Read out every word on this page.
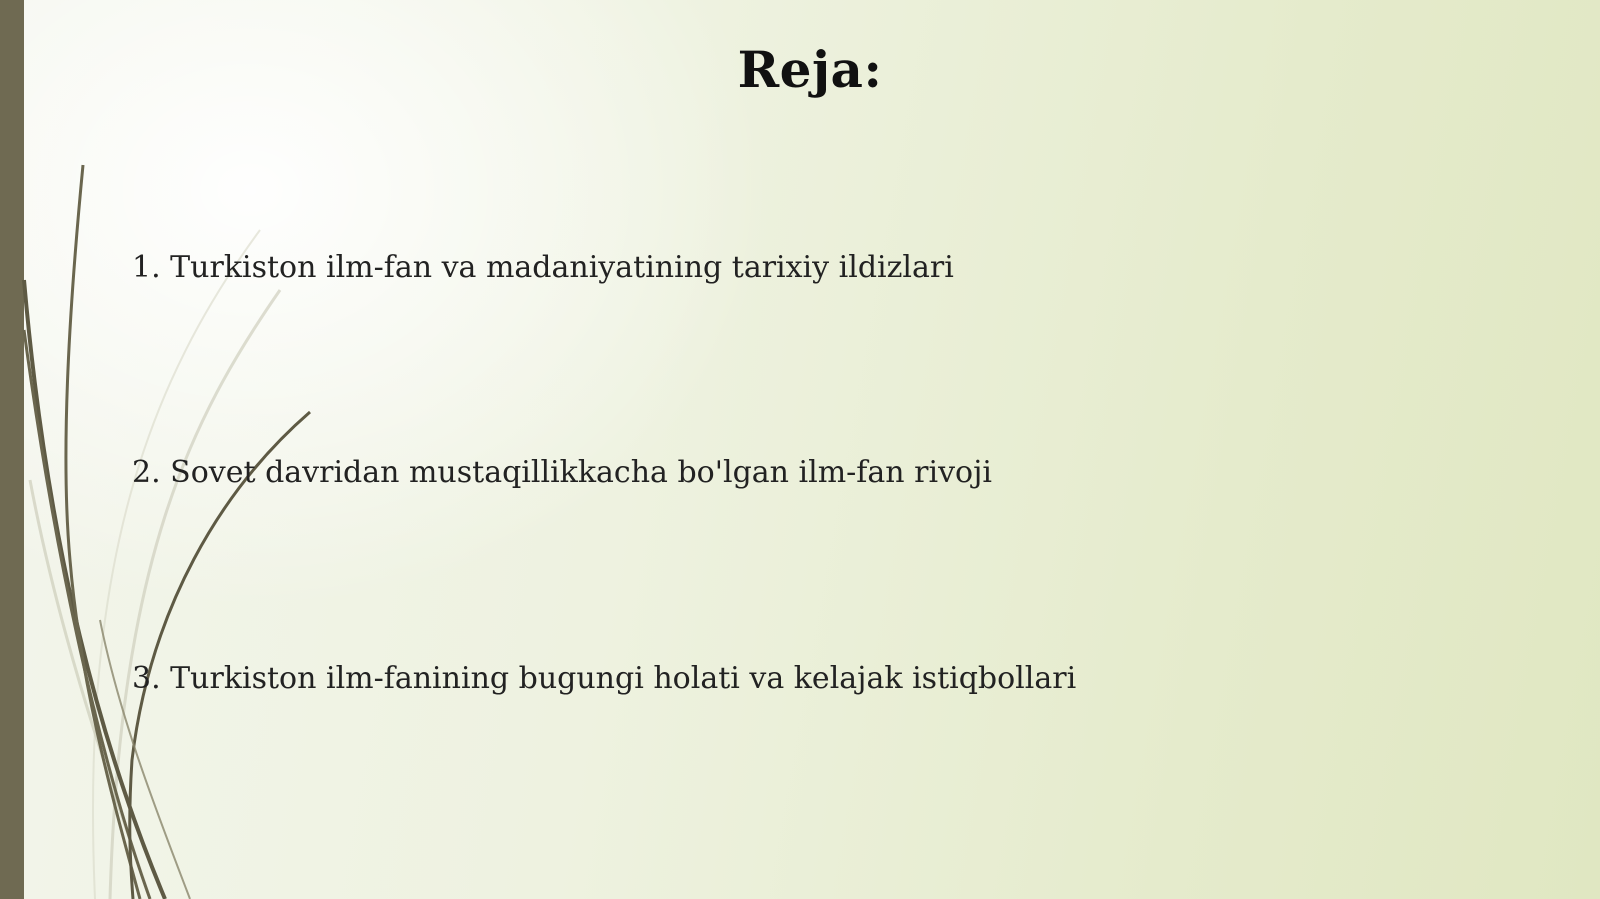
Reja:
1. Turkiston ilm-fan va madaniyatining tarixiy ildizlari
2. Sovet davridan mustaqillikkacha bo'lgan ilm-fan rivoji
3. Turkiston ilm-fanining bugungi holati va kelajak istiqbollari
